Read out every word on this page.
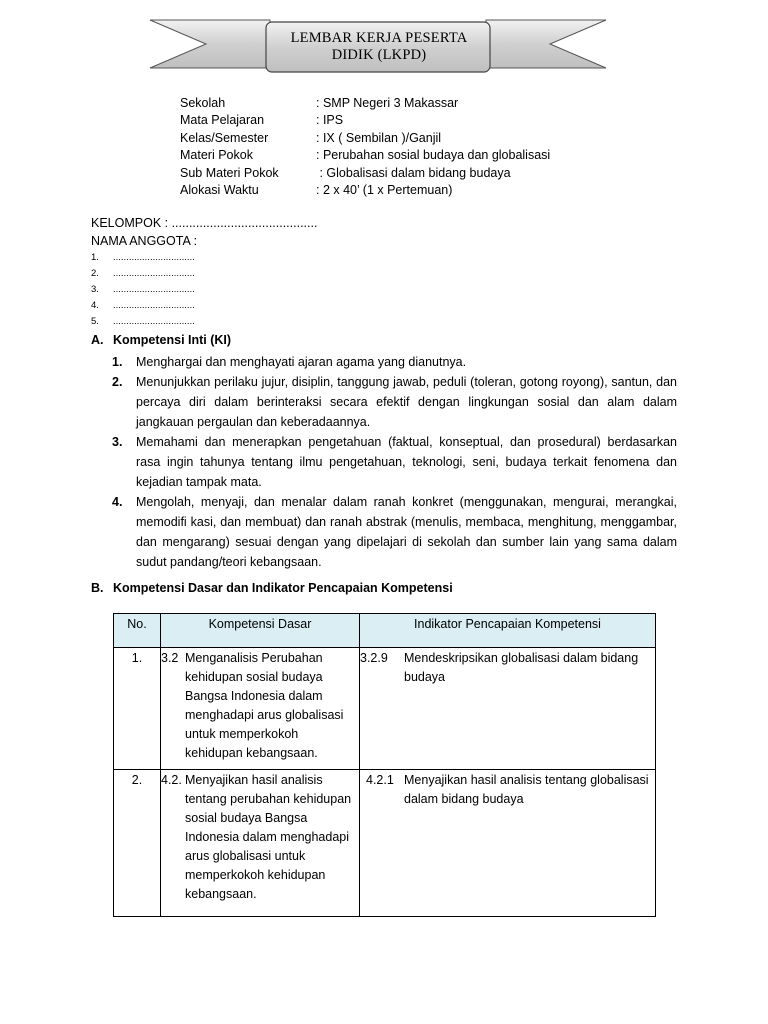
LEMBAR KERJA PESERTA
DIDIK (LKPD)

Sekolah	: SMP Negeri 3 Makassar
Mata Pelajaran	: IPS
Kelas/Semester	: IX ( Sembilan )/Ganjil
Materi Pokok	: Perubahan sosial budaya dan globalisasi
Sub Materi Pokok	: Globalisasi dalam bidang budaya
Alokasi Waktu	: 2 x 40’ (1 x Pertemuan)
KELOMPOK : ..........................................
NAMA ANGGOTA :
1.	...............................
2.	...............................
3.	...............................
4.	...............................
5.	...............................
A. Kompetensi Inti (KI)
1.	Menghargai dan menghayati ajaran agama yang dianutnya.
2.	Menunjukkan perilaku jujur, disiplin, tanggung jawab, peduli (toleran, gotong royong), santun, dan percaya diri dalam berinteraksi secara efektif dengan lingkungan sosial dan alam dalam jangkauan pergaulan dan keberadaannya.
3.	Memahami dan menerapkan pengetahuan (faktual, konseptual, dan prosedural) berdasarkan rasa ingin tahunya tentang ilmu pengetahuan, teknologi, seni, budaya terkait fenomena dan kejadian tampak mata.
4.	Mengolah, menyaji, dan menalar dalam ranah konkret (menggunakan, mengurai, merangkai, memodifi kasi, dan membuat) dan ranah abstrak (menulis, membaca, menghitung, menggambar, dan mengarang) sesuai dengan yang dipelajari di sekolah dan sumber lain yang sama dalam sudut pandang/teori kebangsaan.
B. Kompetensi Dasar dan Indikator Pencapaian Kompetensi
No.	Kompetensi Dasar	Indikator Pencapaian Kompetensi
1.	3.2 Menganalisis Perubahan kehidupan sosial budaya Bangsa Indonesia dalam menghadapi arus globalisasi untuk memperkokoh kehidupan kebangsaan.	3.2.9 Mendeskripsikan globalisasi dalam bidang budaya

2.	4.2. Menyajikan hasil analisis tentang perubahan kehidupan sosial budaya Bangsa Indonesia dalam menghadapi arus globalisasi untuk memperkokoh kehidupan kebangsaan.	4.2.1 Menyajikan hasil analisis tentang globalisasi dalam bidang budaya
